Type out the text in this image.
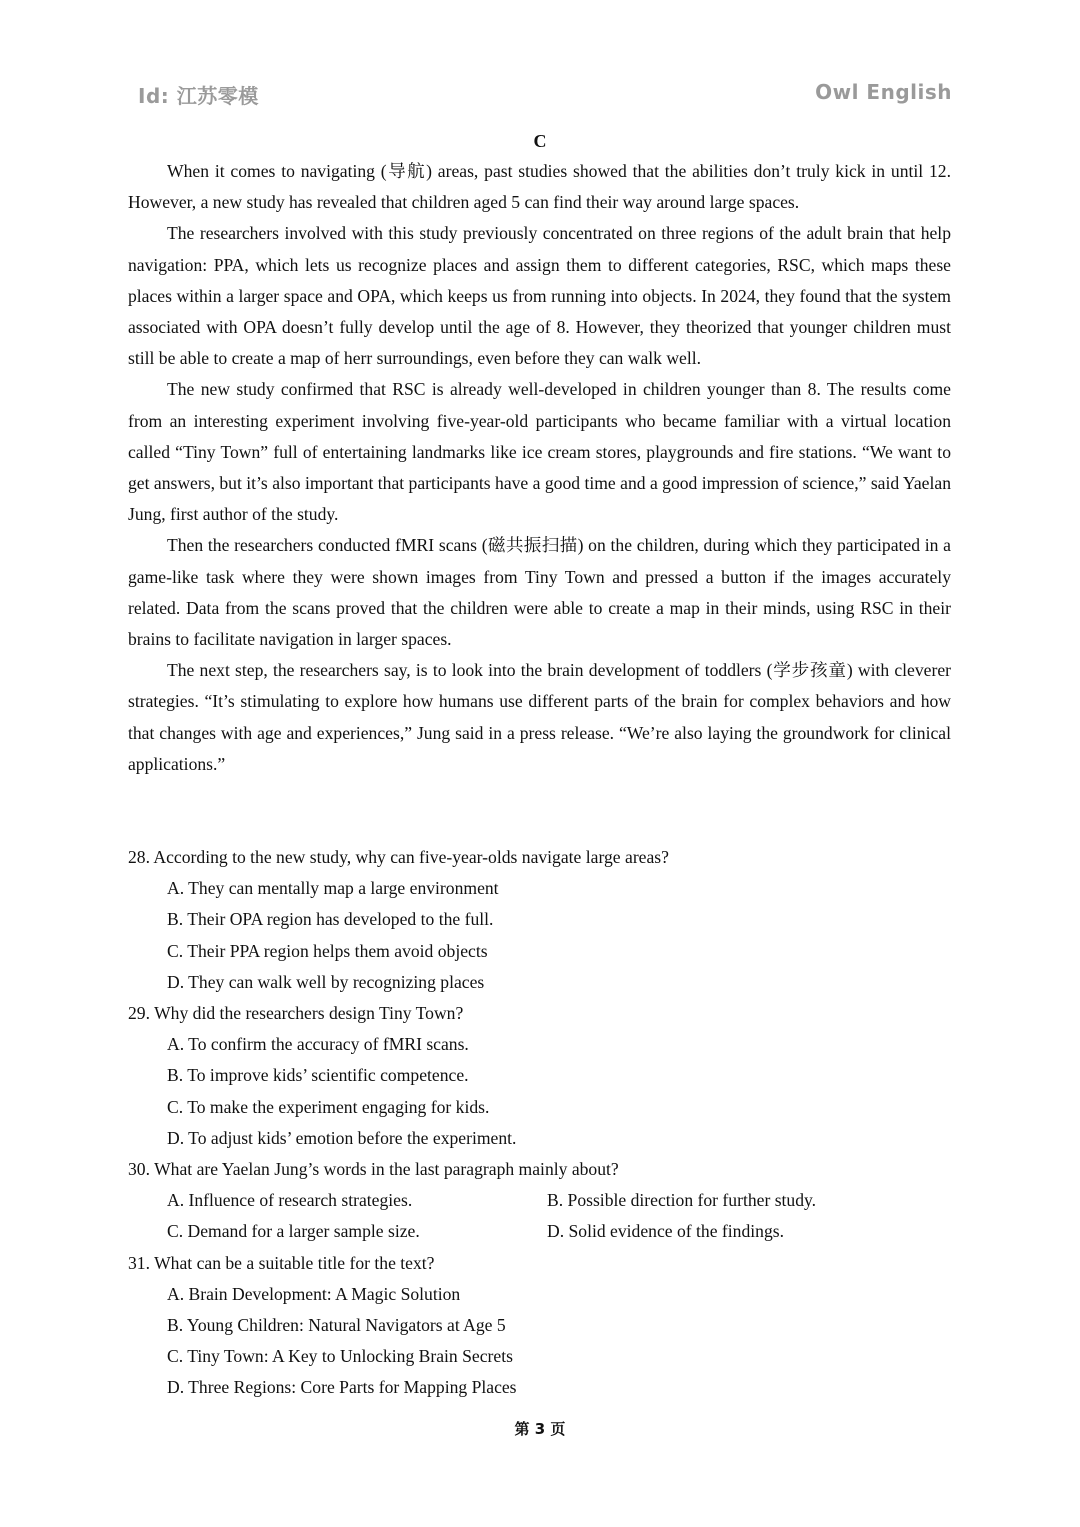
Id: 江苏零模	Owl English
C

When it comes to navigating (导航) areas, past studies showed that the abilities don’t truly kick in until 12. However, a new study has revealed that children aged 5 can find their way around large spaces.

The researchers involved with this study previously concentrated on three regions of the adult brain that help navigation: PPA, which lets us recognize places and assign them to different categories, RSC, which maps these places within a larger space and OPA, which keeps us from running into objects. In 2024, they found that the system associated with OPA doesn’t fully develop until the age of 8. However, they theorized that younger children must still be able to create a map of herr surroundings, even before they can walk well.

The new study confirmed that RSC is already well-developed in children younger than 8. The results come from an interesting experiment involving five-year-old participants who became familiar with a virtual location called “Tiny Town” full of entertaining landmarks like ice cream stores, playgrounds and fire stations. “We want to get answers, but it’s also important that participants have a good time and a good impression of science,” said Yaelan Jung, first author of the study.

Then the researchers conducted fMRI scans (磁共振扫描) on the children, during which they participated in a game-like task where they were shown images from Tiny Town and pressed a button if the images accurately related. Data from the scans proved that the children were able to create a map in their minds, using RSC in their brains to facilitate navigation in larger spaces.

The next step, the researchers say, is to look into the brain development of toddlers (学步孩童) with cleverer strategies. “It’s stimulating to explore how humans use different parts of the brain for complex behaviors and how that changes with age and experiences,” Jung said in a press release. “We’re also laying the groundwork for clinical applications.”

28. According to the new study, why can five-year-olds navigate large areas?

A. They can mentally map a large environment

B. Their OPA region has developed to the full.

C. Their PPA region helps them avoid objects

D. They can walk well by recognizing places

29. Why did the researchers design Tiny Town?

A. To confirm the accuracy of fMRI scans.

B. To improve kids’ scientific competence.

C. To make the experiment engaging for kids.

D. To adjust kids’ emotion before the experiment.

30. What are Yaelan Jung’s words in the last paragraph mainly about?

A. Influence of research strategies.	B. Possible direction for further study.

C. Demand for a larger sample size.	D. Solid evidence of the findings.

31. What can be a suitable title for the text?

A. Brain Development: A Magic Solution

B. Young Children: Natural Navigators at Age 5

C. Tiny Town: A Key to Unlocking Brain Secrets

D. Three Regions: Core Parts for Mapping Places

第 3 页
